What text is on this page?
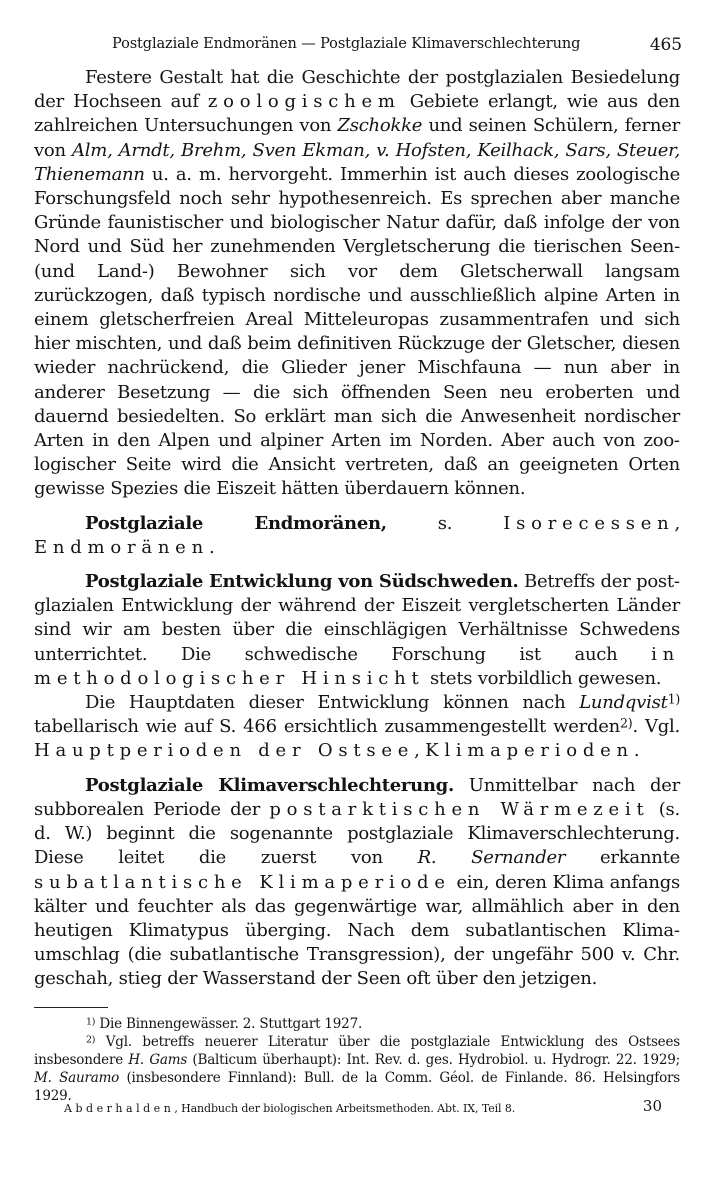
Postglaziale Endmoränen — Postglaziale Klimaverschlechterung	465

Festere Gestalt hat die Geschichte der postglazialen Besiedelung der Hochseen auf zoologischem Gebiete erlangt, wie aus den zahlreichen Untersuchungen von Zschokke und seinen Schülern, ferner von Alm, Arndt, Brehm, Sven Ekman, v. Hofsten, Keilhack, Sars, Steuer, Thienemann u. a. m. hervorgeht. Immerhin ist auch dieses zoologische Forschungsfeld noch sehr hypothesenreich. Es sprechen aber manche Gründe faunistischer und biologischer Natur dafür, daß infolge der von Nord und Süd her zunehmenden Vergletscherung die tierischen Seen- (und Land-) Bewohner sich vor dem Gletscherwall langsam zurückzogen, daß typisch nordische und ausschließlich alpine Arten in einem gletscherfreien Areal Mitteleuropas zusammentrafen und sich hier mischten, und daß beim definitiven Rückzuge der Gletscher, diesen wieder nachrückend, die Glieder jener Mischfauna — nun aber in anderer Besetzung — die sich öffnenden Seen neu eroberten und dauernd besiedelten. So erklärt man sich die Anwesenheit nordischer Arten in den Alpen und alpiner Arten im Norden. Aber auch von zoologischer Seite wird die Ansicht vertreten, daß an geeigneten Orten gewisse Spezies die Eiszeit hätten überdauern können.

Postglaziale Endmoränen, s. Isorecessen, Endmoränen.

Postglaziale Entwicklung von Südschweden. Betreffs der postglazialen Entwicklung der während der Eiszeit vergletscherten Länder sind wir am besten über die einschlägigen Verhältnisse Schwedens unterrichtet. Die schwedische Forschung ist auch in methodologischer Hinsicht stets vorbildlich gewesen.

Die Hauptdaten dieser Entwicklung können nach Lundqvist$^{1)}$ tabellarisch wie auf S. 466 ersichtlich zusammengestellt werden$^{2)}$. Vgl. Hauptperioden der Ostsee, Klimaperioden.

Postglaziale Klimaverschlechterung. Unmittelbar nach der subborealen Periode der postarktischen Wärmezeit (s. d. W.) beginnt die sogenannte postglaziale Klimaverschlechterung. Diese leitet die zuerst von R. Sernander erkannte subatlantische Klimaperiode ein, deren Klima anfangs kälter und feuchter als das gegenwärtige war, allmählich aber in den heutigen Klimatypus überging. Nach dem subatlantischen Klimaumschlag (die subatlantische Transgression), der ungefähr 500 v. Chr. geschah, stieg der Wasserstand der Seen oft über den jetzigen.

$^{1)}$ Die Binnengewässer. 2. Stuttgart 1927.

$^{2)}$ Vgl. betreffs neuerer Literatur über die postglaziale Entwicklung des Ostsees insbesondere H. Gams (Balticum überhaupt): Int. Rev. d. ges. Hydrobiol. u. Hydrogr. 22. 1929; M. Sauramo (insbesondere Finnland): Bull. de la Comm. Géol. de Finlande. 86. Helsingfors 1929.

Abderhalden, Handbuch der biologischen Arbeitsmethoden. Abt. IX, Teil 8.	30
